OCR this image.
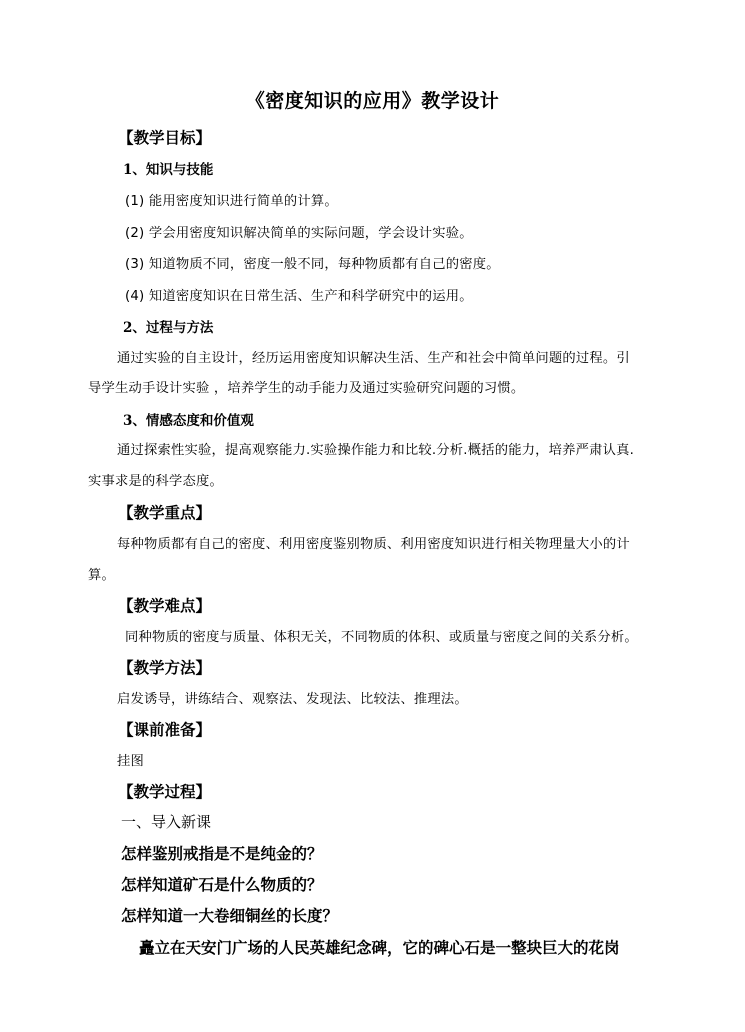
《密度知识的应用》教学设计
【教学目标】
1、知识与技能
(1) 能用密度知识进行简单的计算。
(2) 学会用密度知识解决简单的实际问题，学会设计实验。
(3) 知道物质不同，密度一般不同，每种物质都有自己的密度。
(4) 知道密度知识在日常生活、生产和科学研究中的运用。
2、过程与方法
通过实验的自主设计，经历运用密度知识解决生活、生产和社会中简单问题的过程。引
导学生动手设计实验 ，培养学生的动手能力及通过实验研究问题的习惯。
3、情感态度和价值观
通过探索性实验，提高观察能力.实验操作能力和比较.分析.概括的能力，培养严肃认真.
实事求是的科学态度。
【教学重点】
每种物质都有自己的密度、利用密度鉴别物质、利用密度知识进行相关物理量大小的计
算。
【教学难点】
同种物质的密度与质量、体积无关，不同物质的体积、或质量与密度之间的关系分析。
【教学方法】
启发诱导，讲练结合、观察法、发现法、比较法、推理法。
【课前准备】
挂图
【教学过程】
一、导入新课
怎样鉴别戒指是不是纯金的？
怎样知道矿石是什么物质的？
怎样知道一大卷细铜丝的长度？
矗立在天安门广场的人民英雄纪念碑，它的碑心石是一整块巨大的花岗
